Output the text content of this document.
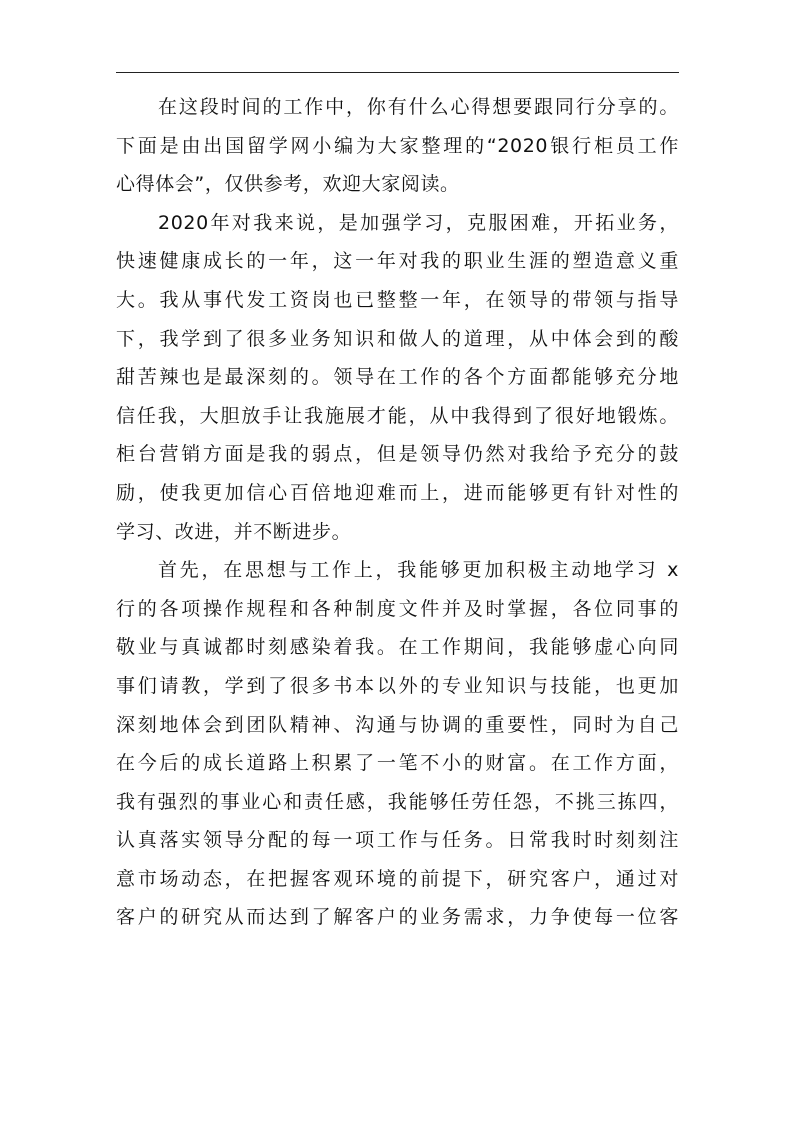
在这段时间的工作中，你有什么心得想要跟同行分享的。
下面是由出国留学网小编为大家整理的“2020银行柜员工作
心得体会”，仅供参考，欢迎大家阅读。
2020年对我来说，是加强学习，克服困难，开拓业务，
快速健康成长的一年，这一年对我的职业生涯的塑造意义重
大。我从事代发工资岗也已整整一年，在领导的带领与指导
下，我学到了很多业务知识和做人的道理，从中体会到的酸
甜苦辣也是最深刻的。领导在工作的各个方面都能够充分地
信任我，大胆放手让我施展才能，从中我得到了很好地锻炼。
柜台营销方面是我的弱点，但是领导仍然对我给予充分的鼓
励，使我更加信心百倍地迎难而上，进而能够更有针对性的
学习、改进，并不断进步。
首先，在思想与工作上，我能够更加积极主动地学习 x
行的各项操作规程和各种制度文件并及时掌握，各位同事的
敬业与真诚都时刻感染着我。在工作期间，我能够虚心向同
事们请教，学到了很多书本以外的专业知识与技能，也更加
深刻地体会到团队精神、沟通与协调的重要性，同时为自己
在今后的成长道路上积累了一笔不小的财富。在工作方面，
我有强烈的事业心和责任感，我能够任劳任怨，不挑三拣四，
认真落实领导分配的每一项工作与任务。日常我时时刻刻注
意市场动态，在把握客观环境的前提下，研究客户，通过对
客户的研究从而达到了解客户的业务需求，力争使每一位客
